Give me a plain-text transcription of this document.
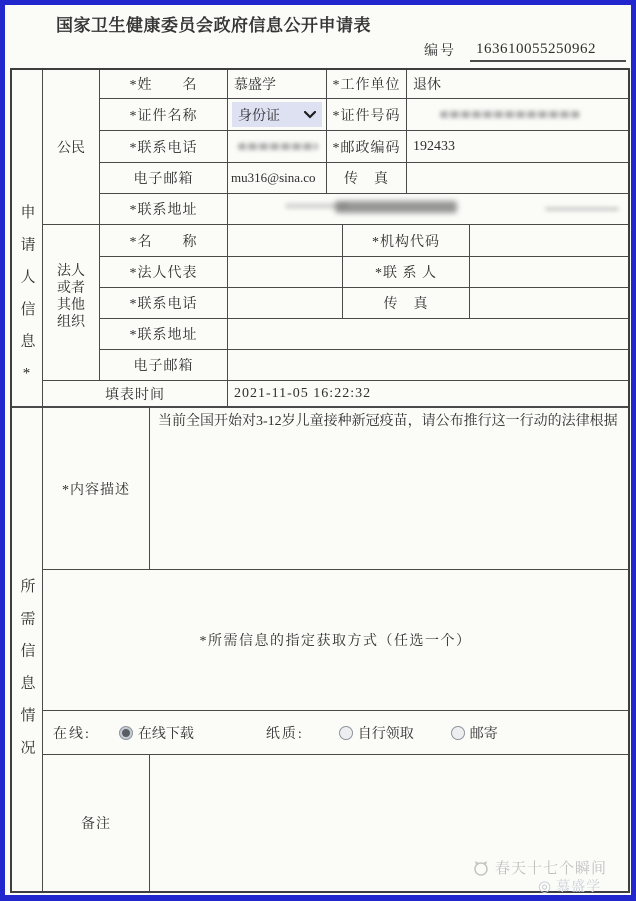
国家卫生健康委员会政府信息公开申请表
编号	163610055250962
申请人信息*
所需信息情况
公民
法人或者其他组织
*姓　　名	慕盛学	*工作单位 退休
*证件名称	身份证	*证件号码
*联系电话	*邮政编码 192433
电子邮箱	mu316@sina.co	传　真
*联系地址
*名　　称	*机构代码
*法人代表	*联 系 人
*联系电话	传　真
*联系地址
电子邮箱
填表时间	2021-11-05 16:22:32
*内容描述
当前全国开始对3-12岁儿童接种新冠疫苗，请公布推行这一行动的法律根据
*所需信息的指定获取方式（任选一个）
在线:	在线下载	纸质:	自行领取	邮寄
备注
春天十七个瞬间
◎ 慕盛学
